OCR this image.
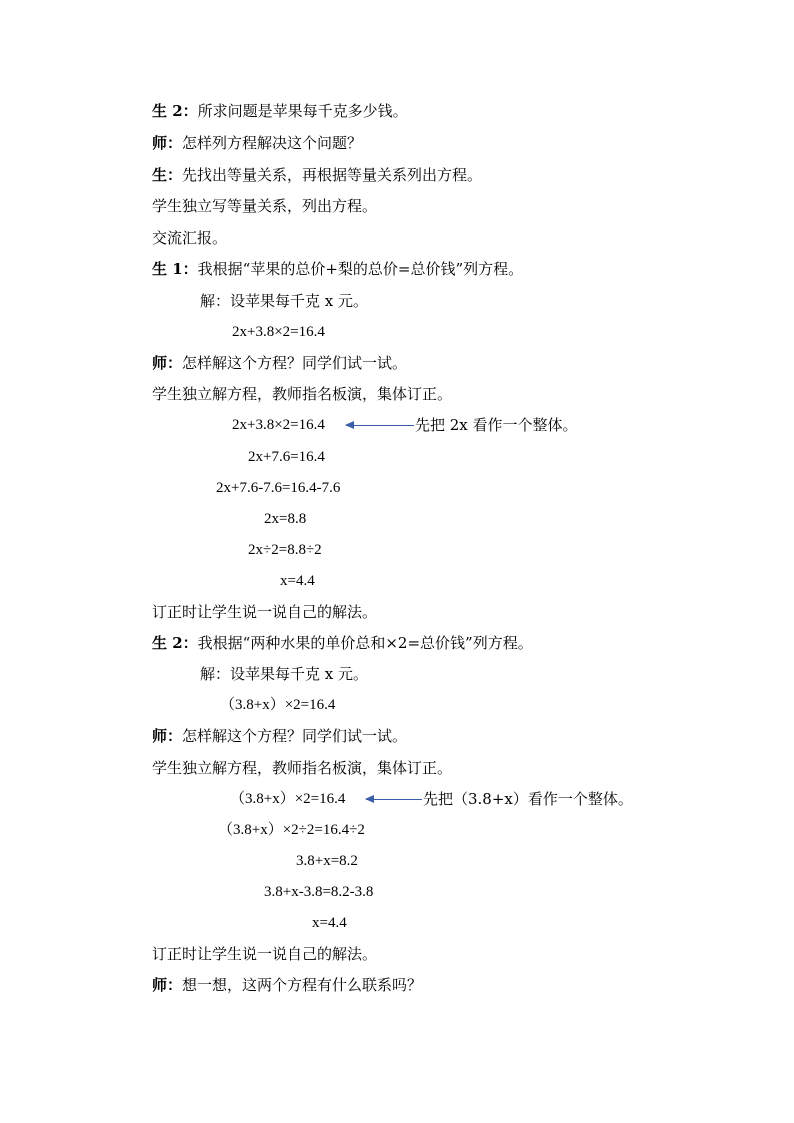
生 2：所求问题是苹果每千克多少钱。
师：怎样列方程解决这个问题？
生：先找出等量关系，再根据等量关系列出方程。
学生独立写等量关系，列出方程。
交流汇报。
生 1：我根据“苹果的总价+梨的总价=总价钱”列方程。
解：设苹果每千克 x 元。
2x+3.8×2=16.4
师：怎样解这个方程？同学们试一试。
学生独立解方程，教师指名板演，集体订正。
2x+3.8×2=16.4	先把 2x 看作一个整体。
2x+7.6=16.4
2x+7.6-7.6=16.4-7.6
2x=8.8
2x÷2=8.8÷2
x=4.4
订正时让学生说一说自己的解法。
生 2：我根据“两种水果的单价总和×2=总价钱”列方程。
解：设苹果每千克 x 元。
（3.8+x）×2=16.4
师：怎样解这个方程？同学们试一试。
学生独立解方程，教师指名板演，集体订正。
（3.8+x）×2=16.4	先把（3.8+x）看作一个整体。
（3.8+x）×2÷2=16.4÷2
3.8+x=8.2
3.8+x-3.8=8.2-3.8
x=4.4
订正时让学生说一说自己的解法。
师：想一想，这两个方程有什么联系吗？
